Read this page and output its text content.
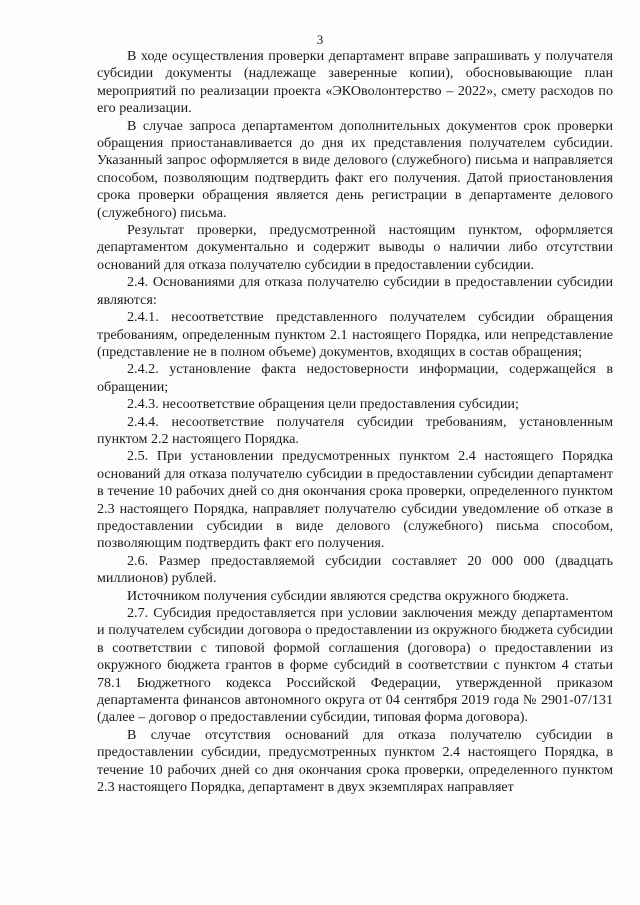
3

В ходе осуществления проверки департамент вправе запрашивать у получателя субсидии документы (надлежаще заверенные копии), обосновывающие план мероприятий по реализации проекта «ЭКОволонтерство – 2022», смету расходов по его реализации.

В случае запроса департаментом дополнительных документов срок проверки обращения приостанавливается до дня их представления получателем субсидии. Указанный запрос оформляется в виде делового (служебного) письма и направляется способом, позволяющим подтвердить факт его получения. Датой приостановления срока проверки обращения является день регистрации в департаменте делового (служебного) письма.

Результат проверки, предусмотренной настоящим пунктом, оформляется департаментом документально и содержит выводы о наличии либо отсутствии оснований для отказа получателю субсидии в предоставлении субсидии.

2.4. Основаниями для отказа получателю субсидии в предоставлении субсидии являются:

2.4.1. несоответствие представленного получателем субсидии обращения требованиям, определенным пунктом 2.1 настоящего Порядка, или непредставление (представление не в полном объеме) документов, входящих в состав обращения;

2.4.2. установление факта недостоверности информации, содержащейся в обращении;

2.4.3. несоответствие обращения цели предоставления субсидии;

2.4.4. несоответствие получателя субсидии требованиям, установленным пунктом 2.2 настоящего Порядка.

2.5. При установлении предусмотренных пунктом 2.4 настоящего Порядка оснований для отказа получателю субсидии в предоставлении субсидии департамент в течение 10 рабочих дней со дня окончания срока проверки, определенного пунктом 2.3 настоящего Порядка, направляет получателю субсидии уведомление об отказе в предоставлении субсидии в виде делового (служебного) письма способом, позволяющим подтвердить факт его получения.

2.6. Размер предоставляемой субсидии составляет 20 000 000 (двадцать миллионов) рублей.

Источником получения субсидии являются средства окружного бюджета.

2.7. Субсидия предоставляется при условии заключения между департаментом и получателем субсидии договора о предоставлении из окружного бюджета субсидии в соответствии с типовой формой соглашения (договора) о предоставлении из окружного бюджета грантов в форме субсидий в соответствии с пунктом 4 статьи 78.1 Бюджетного кодекса Российской Федерации, утвержденной приказом департамента финансов автономного округа от 04 сентября 2019 года № 2901-07/131 (далее – договор о предоставлении субсидии, типовая форма договора).

В случае отсутствия оснований для отказа получателю субсидии в предоставлении субсидии, предусмотренных пунктом 2.4 настоящего Порядка, в течение 10 рабочих дней со дня окончания срока проверки, определенного пунктом 2.3 настоящего Порядка, департамент в двух экземплярах направляет
